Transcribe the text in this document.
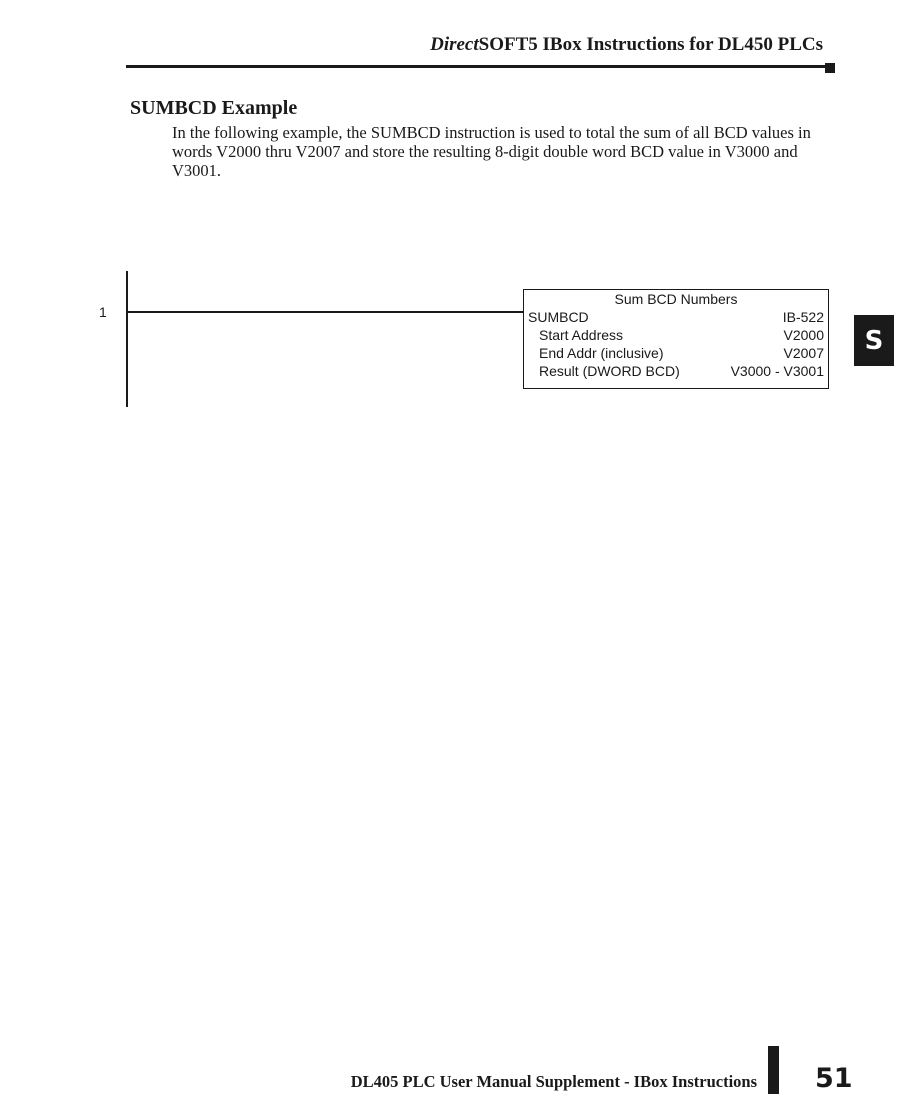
DirectSOFT5 IBox Instructions for DL450 PLCs
SUMBCD Example

In the following example, the SUMBCD instruction is used to total the sum of all BCD values in words V2000 thru V2007 and store the resulting 8-digit double word BCD value in V3000 and V3001.

1
Sum BCD Numbers
SUMBCD	IB-522
Start Address	V2000
End Addr (inclusive)	V2007
Result (DWORD BCD)	V3000 - V3001
S
DL405 PLC User Manual Supplement - IBox Instructions 51
